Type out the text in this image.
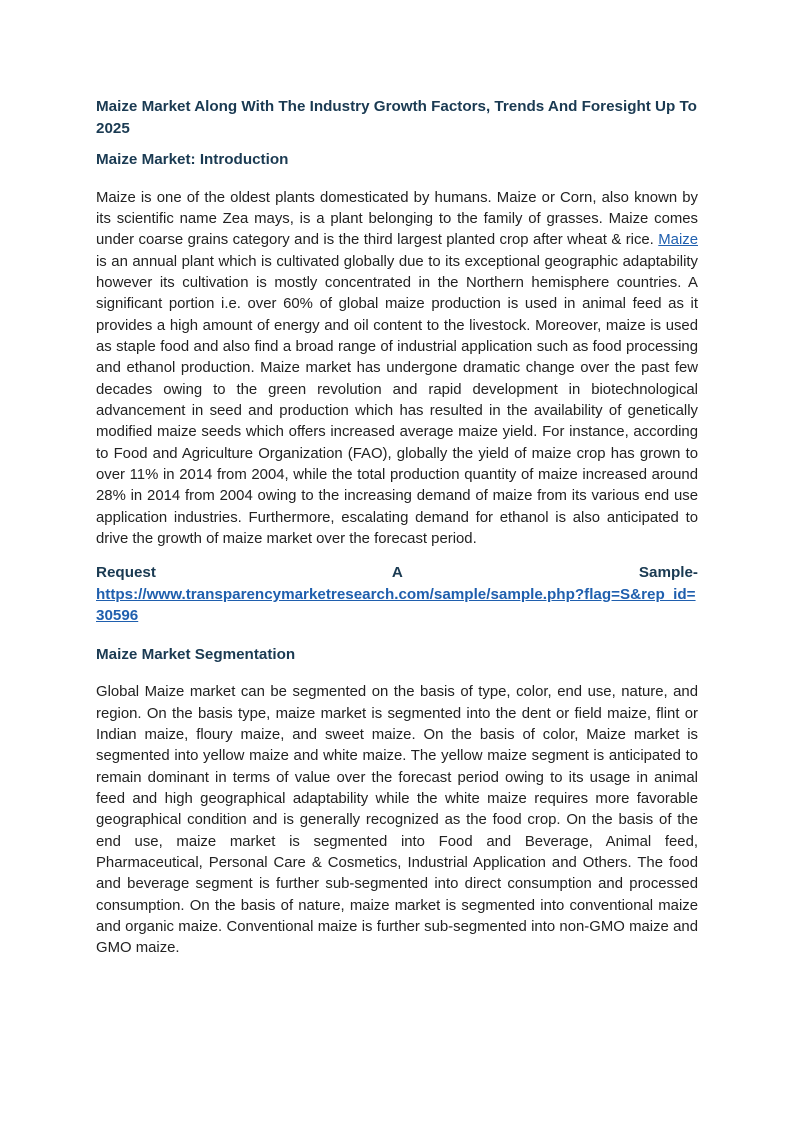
Maize Market Along With The Industry Growth Factors, Trends And Foresight Up To 2025
Maize Market: Introduction

Maize is one of the oldest plants domesticated by humans. Maize or Corn, also known by its scientific name Zea mays, is a plant belonging to the family of grasses. Maize comes under coarse grains category and is the third largest planted crop after wheat & rice. Maize is an annual plant which is cultivated globally due to its exceptional geographic adaptability however its cultivation is mostly concentrated in the Northern hemisphere countries. A significant portion i.e. over 60% of global maize production is used in animal feed as it provides a high amount of energy and oil content to the livestock. Moreover, maize is used as staple food and also find a broad range of industrial application such as food processing and ethanol production. Maize market has undergone dramatic change over the past few decades owing to the green revolution and rapid development in biotechnological advancement in seed and production which has resulted in the availability of genetically modified maize seeds which offers increased average maize yield. For instance, according to Food and Agriculture Organization (FAO), globally the yield of maize crop has grown to over 11% in 2014 from 2004, while the total production quantity of maize increased around 28% in 2014 from 2004 owing to the increasing demand of maize from its various end use application industries. Furthermore, escalating demand for ethanol is also anticipated to drive the growth of maize market over the forecast period.

Request	A	Sample-
https://www.transparencymarketresearch.com/sample/sample.php?flag=S&rep_id=30596
Maize Market Segmentation

Global Maize market can be segmented on the basis of type, color, end use, nature, and region. On the basis type, maize market is segmented into the dent or field maize, flint or Indian maize, floury maize, and sweet maize. On the basis of color, Maize market is segmented into yellow maize and white maize. The yellow maize segment is anticipated to remain dominant in terms of value over the forecast period owing to its usage in animal feed and high geographical adaptability while the white maize requires more favorable geographical condition and is generally recognized as the food crop. On the basis of the end use, maize market is segmented into Food and Beverage, Animal feed, Pharmaceutical, Personal Care & Cosmetics, Industrial Application and Others. The food and beverage segment is further sub-segmented into direct consumption and processed consumption. On the basis of nature, maize market is segmented into conventional maize and organic maize. Conventional maize is further sub-segmented into non-GMO maize and GMO maize.
